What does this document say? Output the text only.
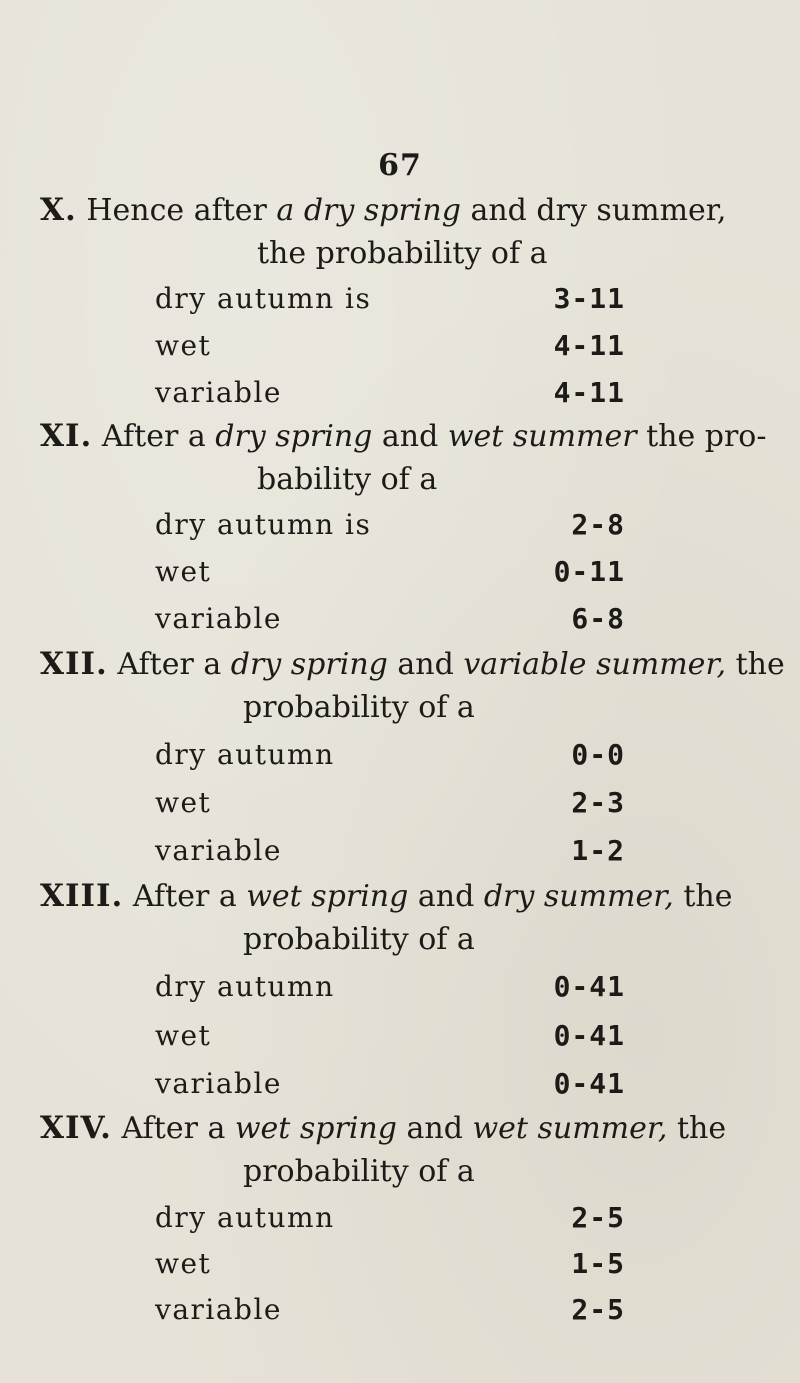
67
X. Hence after a dry spring and dry summer,
the probability of a
dry autumn is	3-11
wet	4-11
variable	4-11
XI. After a dry spring and wet summer the pro-
bability of a
dry autumn is	2-8
wet	0-11
variable	6-8
XII. After a dry spring and variable summer, the
probability of a
dry autumn	0-0
wet	2-3
variable	1-2
XIII. After a wet spring and dry summer, the
probability of a
dry autumn	0-41
wet	0-41
variable	0-41
XIV. After a wet spring and wet summer, the
probability of a
dry autumn	2-5
wet	1-5
variable	2-5
